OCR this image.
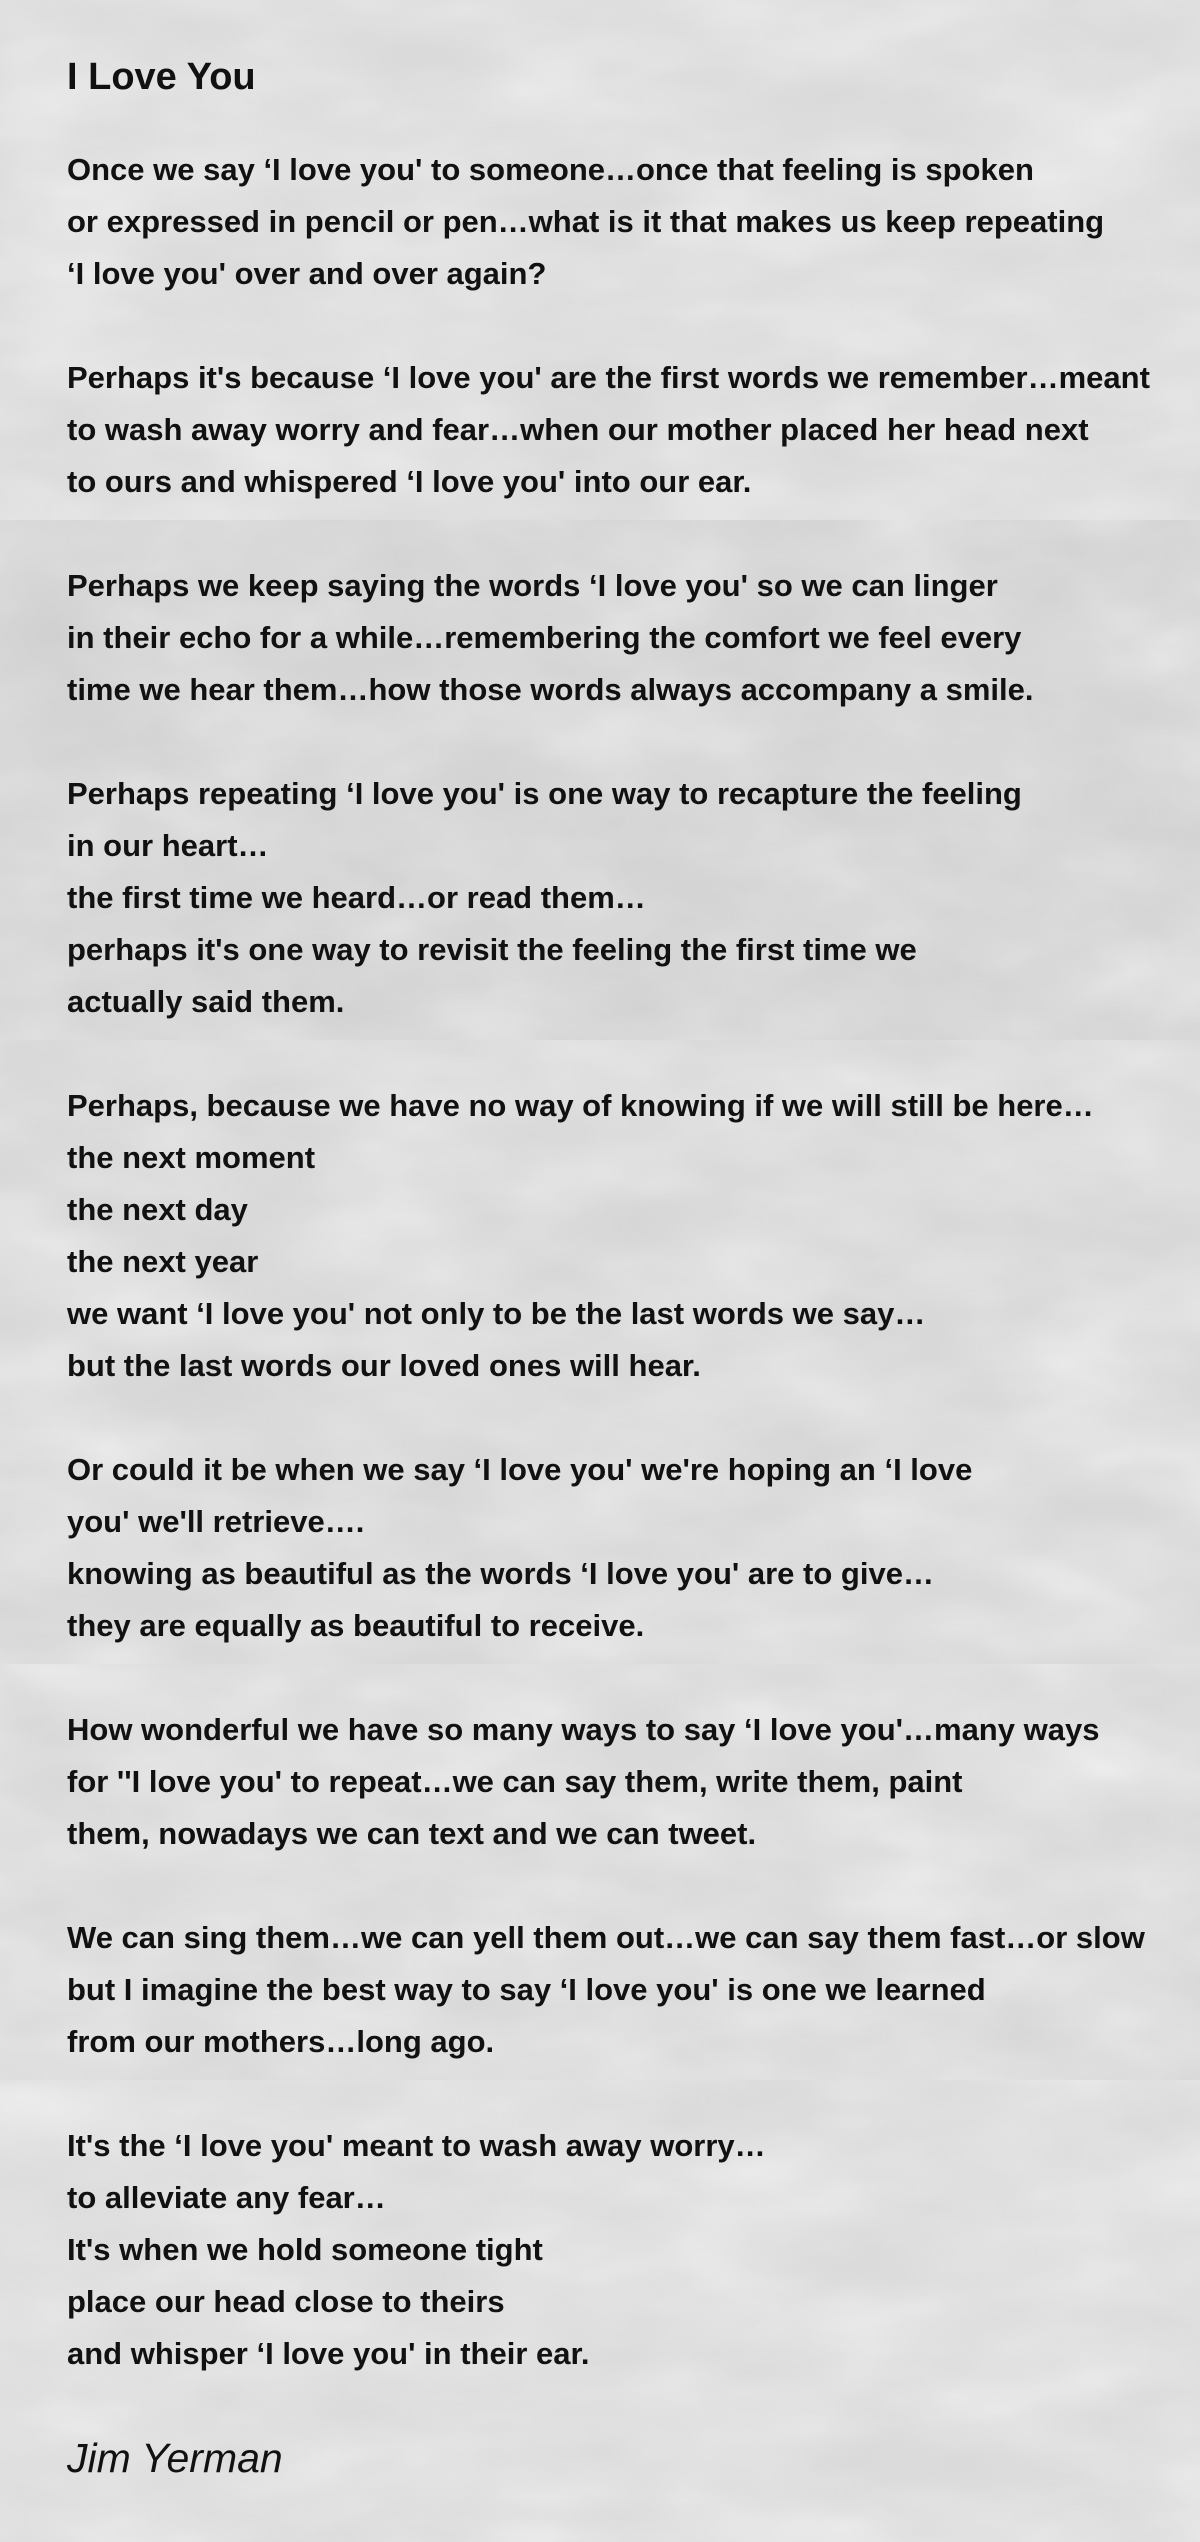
I Love You
Once we say ‘I love you' to someone…once that feeling is spoken
or expressed in pencil or pen…what is it that makes us keep repeating
‘I love you' over and over again?
Perhaps it's because ‘I love you' are the first words we remember…meant
to wash away worry and fear…when our mother placed her head next
to ours and whispered ‘I love you' into our ear.
Perhaps we keep saying the words ‘I love you' so we can linger
in their echo for a while…remembering the comfort we feel every
time we hear them…how those words always accompany a smile.
Perhaps repeating ‘I love you' is one way to recapture the feeling
in our heart…
the first time we heard…or read them…
perhaps it's one way to revisit the feeling the first time we
actually said them.
Perhaps, because we have no way of knowing if we will still be here…
the next moment
the next day
the next year
we want ‘I love you' not only to be the last words we say…
but the last words our loved ones will hear.
Or could it be when we say ‘I love you' we're hoping an ‘I love
you' we'll retrieve….
knowing as beautiful as the words ‘I love you' are to give…
they are equally as beautiful to receive.
How wonderful we have so many ways to say ‘I love you'…many ways
for ''I love you' to repeat…we can say them, write them, paint
them, nowadays we can text and we can tweet.
We can sing them…we can yell them out…we can say them fast…or slow
but I imagine the best way to say ‘I love you' is one we learned
from our mothers…long ago.
It's the ‘I love you' meant to wash away worry…
to alleviate any fear…
It's when we hold someone tight
place our head close to theirs
and whisper ‘I love you' in their ear.
Jim Yerman
